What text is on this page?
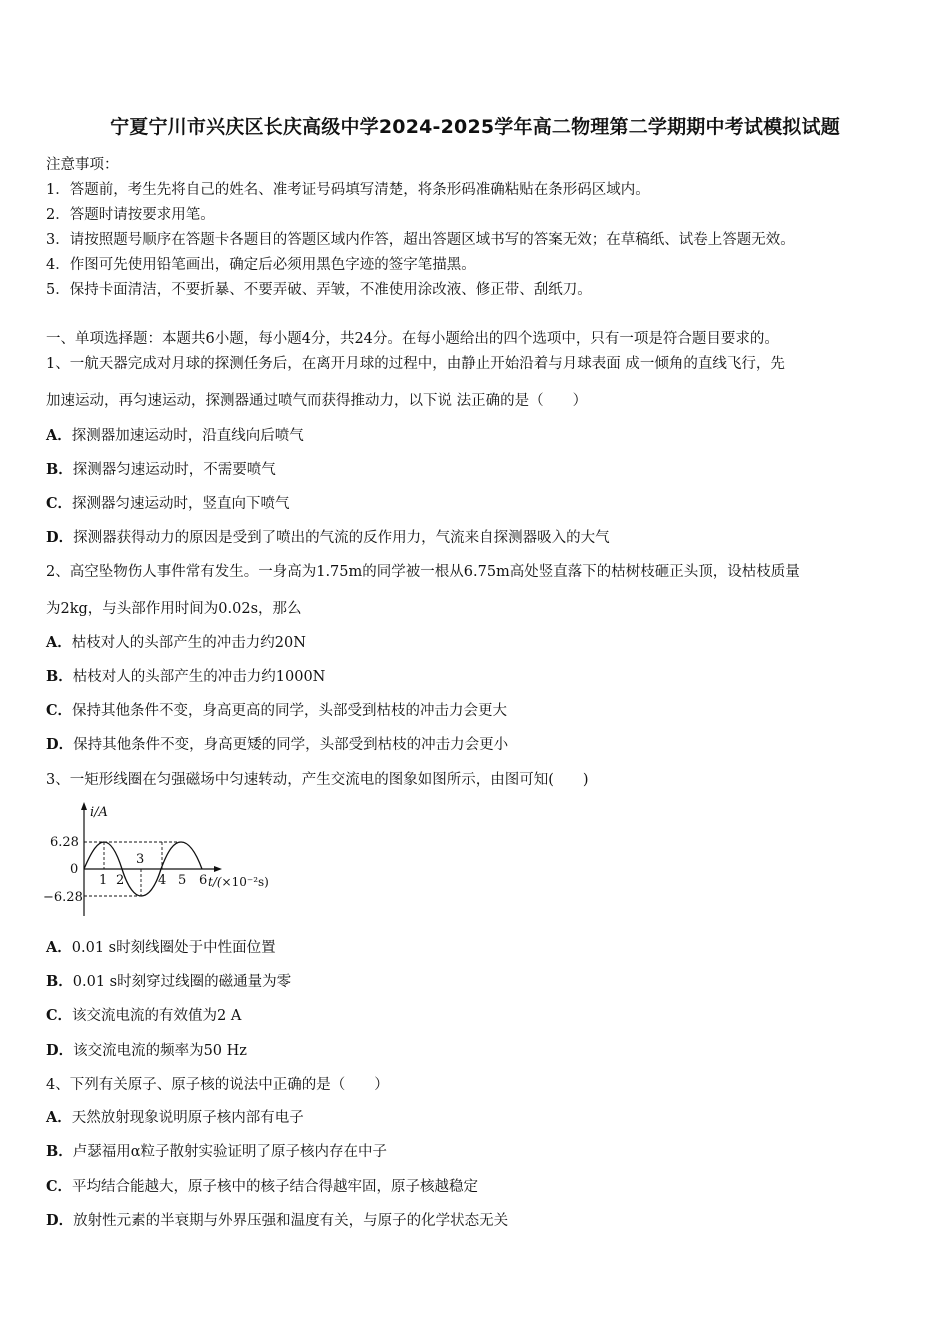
宁夏宁川市兴庆区长庆高级中学2024-2025学年高二物理第二学期期中考试模拟试题
注意事项：
1．答题前，考生先将自己的姓名、准考证号码填写清楚，将条形码准确粘贴在条形码区域内。
2．答题时请按要求用笔。
3．请按照题号顺序在答题卡各题目的答题区域内作答，超出答题区域书写的答案无效；在草稿纸、试卷上答题无效。
4．作图可先使用铅笔画出，确定后必须用黑色字迹的签字笔描黑。
5．保持卡面清洁，不要折暴、不要弄破、弄皱，不准使用涂改液、修正带、刮纸刀。
一、单项选择题：本题共6小题，每小题4分，共24分。在每小题给出的四个选项中，只有一项是符合题目要求的。
1、一航天器完成对月球的探测任务后，在离开月球的过程中，由静止开始沿着与月球表面 成一倾角的直线飞行，先
加速运动，再匀速运动，探测器通过喷气而获得推动力，以下说 法正确的是（　　）
A．探测器加速运动时，沿直线向后喷气
B．探测器匀速运动时，不需要喷气
C．探测器匀速运动时，竖直向下喷气
D．探测器获得动力的原因是受到了喷出的气流的反作用力，气流来自探测器吸入的大气
2、高空坠物伤人事件常有发生。一身高为1.75m的同学被一根从6.75m高处竖直落下的枯树枝砸正头顶，设枯枝质量
为2kg，与头部作用时间为0.02s，那么
A．枯枝对人的头部产生的冲击力约20N
B．枯枝对人的头部产生的冲击力约1000N
C．保持其他条件不变，身高更高的同学，头部受到枯枝的冲击力会更大
D．保持其他条件不变，身高更矮的同学，头部受到枯枝的冲击力会更小
3、一矩形线圈在匀强磁场中匀速转动，产生交流电的图象如图所示，由图可知(　　)
i/A
6.28
0
−6.28
1 2
3
4 5 6 t/(×10⁻²s)
A．0.01 s时刻线圈处于中性面位置
B．0.01 s时刻穿过线圈的磁通量为零
C．该交流电流的有效值为2 A
D．该交流电流的频率为50 Hz
4、下列有关原子、原子核的说法中正确的是（　　）
A．天然放射现象说明原子核内部有电子
B．卢瑟福用α粒子散射实验证明了原子核内存在中子
C．平均结合能越大，原子核中的核子结合得越牢固，原子核越稳定
D．放射性元素的半衰期与外界压强和温度有关，与原子的化学状态无关
